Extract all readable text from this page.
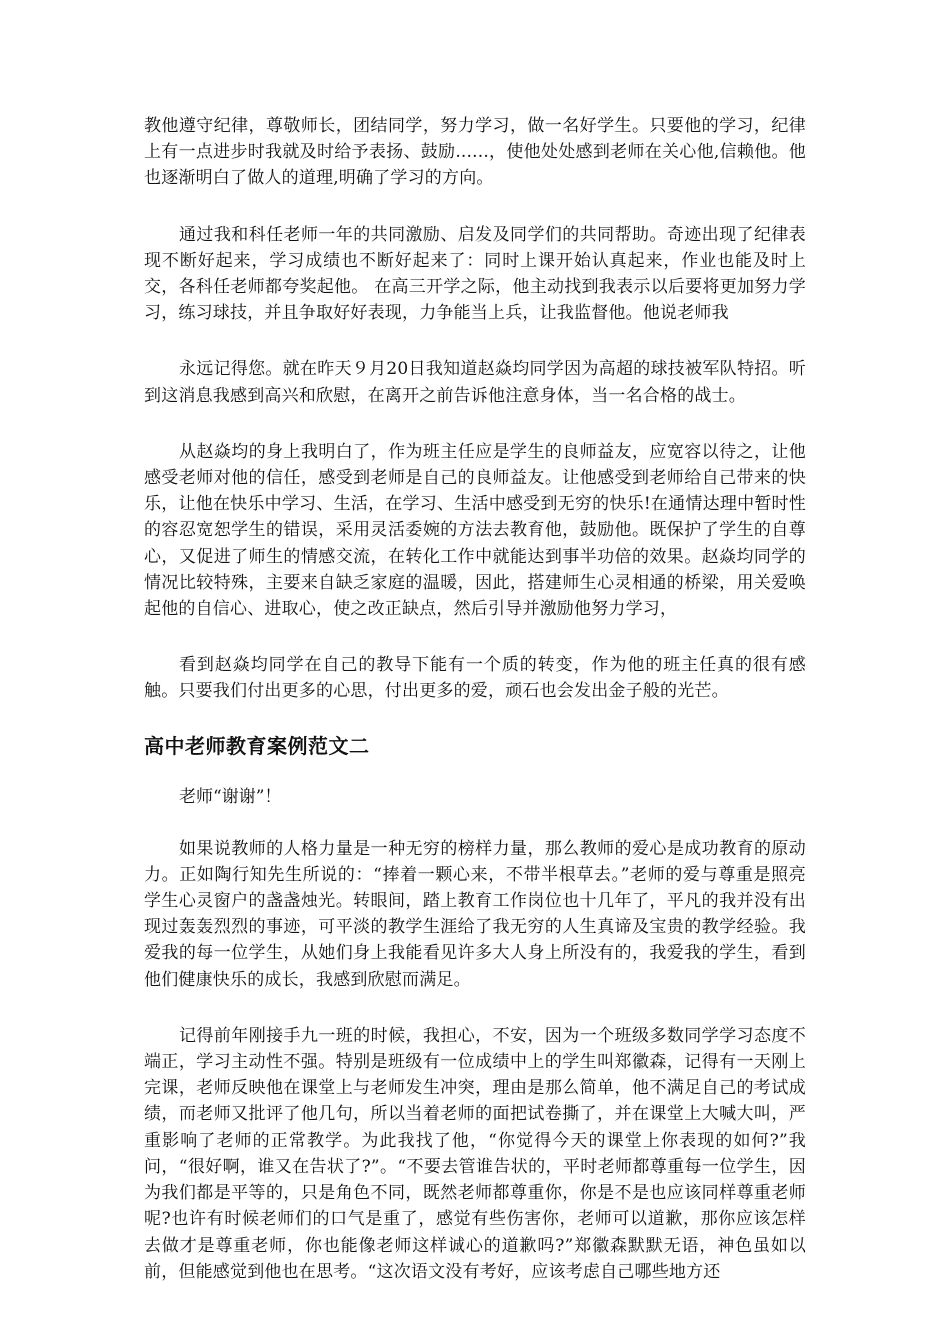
教他遵守纪律，尊敬师长，团结同学，努力学习，做一名好学生。只要他的学习，纪律上有一点进步时我就及时给予表扬、鼓励......，使他处处感到老师在关心他,信赖他。他也逐渐明白了做人的道理,明确了学习的方向。

通过我和科任老师一年的共同激励、启发及同学们的共同帮助。奇迹出现了纪律表现不断好起来，学习成绩也不断好起来了：同时上课开始认真起来，作业也能及时上交，各科任老师都夸奖起他。 在高三开学之际，他主动找到我表示以后要将更加努力学习，练习球技，并且争取好好表现，力争能当上兵，让我监督他。他说老师我

永远记得您。就在昨天９月20日我知道赵焱均同学因为高超的球技被军队特招。听到这消息我感到高兴和欣慰，在离开之前告诉他注意身体，当一名合格的战士。

从赵焱均的身上我明白了，作为班主任应是学生的良师益友，应宽容以待之，让他感受老师对他的信任，感受到老师是自己的良师益友。让他感受到老师给自己带来的快乐，让他在快乐中学习、生活，在学习、生活中感受到无穷的快乐!在通情达理中暂时性的容忍宽恕学生的错误，采用灵活委婉的方法去教育他，鼓励他。既保护了学生的自尊心，又促进了师生的情感交流，在转化工作中就能达到事半功倍的效果。赵焱均同学的情况比较特殊，主要来自缺乏家庭的温暖，因此，搭建师生心灵相通的桥梁，用关爱唤起他的自信心、进取心，使之改正缺点，然后引导并激励他努力学习，

看到赵焱均同学在自己的教导下能有一个质的转变，作为他的班主任真的很有感触。只要我们付出更多的心思，付出更多的爱，顽石也会发出金子般的光芒。

高中老师教育案例范文二

老师“谢谢”！

如果说教师的人格力量是一种无穷的榜样力量，那么教师的爱心是成功教育的原动力。正如陶行知先生所说的：“捧着一颗心来，不带半根草去。”老师的爱与尊重是照亮学生心灵窗户的盏盏烛光。转眼间，踏上教育工作岗位也十几年了，平凡的我并没有出现过轰轰烈烈的事迹，可平淡的教学生涯给了我无穷的人生真谛及宝贵的教学经验。我爱我的每一位学生，从她们身上我能看见许多大人身上所没有的，我爱我的学生，看到他们健康快乐的成长，我感到欣慰而满足。

记得前年刚接手九一班的时候，我担心，不安，因为一个班级多数同学学习态度不端正，学习主动性不强。特别是班级有一位成绩中上的学生叫郑徽森，记得有一天刚上完课，老师反映他在课堂上与老师发生冲突，理由是那么简单，他不满足自己的考试成绩，而老师又批评了他几句，所以当着老师的面把试卷撕了，并在课堂上大喊大叫，严重影响了老师的正常教学。为此我找了他，“你觉得今天的课堂上你表现的如何?”我问，“很好啊，谁又在告状了?”。“不要去管谁告状的，平时老师都尊重每一位学生，因为我们都是平等的，只是角色不同，既然老师都尊重你，你是不是也应该同样尊重老师呢?也许有时候老师们的口气是重了，感觉有些伤害你，老师可以道歉，那你应该怎样去做才是尊重老师，你也能像老师这样诚心的道歉吗?”郑徽森默默无语，神色虽如以前，但能感觉到他也在思考。“这次语文没有考好，应该考虑自己哪些地方还
